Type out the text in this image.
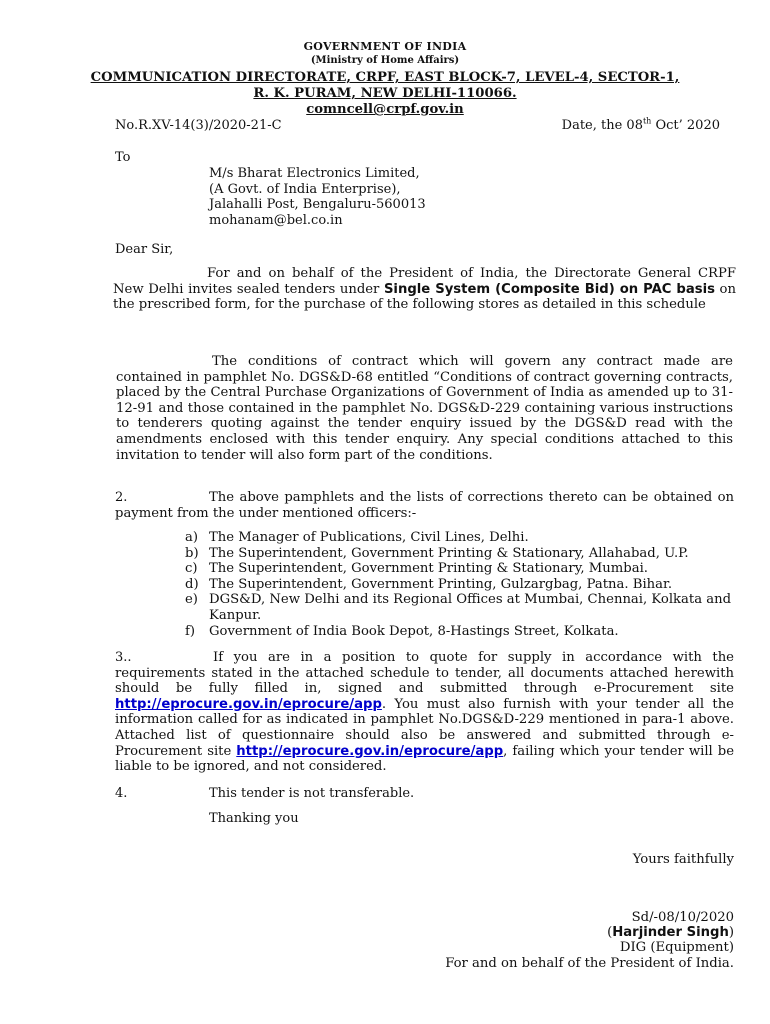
GOVERNMENT OF INDIA
(Ministry of Home Affairs)
COMMUNICATION DIRECTORATE, CRPF, EAST BLOCK-7, LEVEL-4, SECTOR-1,
R. K. PURAM, NEW DELHI-110066.
comncell@crpf.gov.in
No.R.XV-14(3)/2020-21-C	Date, the 08th Oct’ 2020
To
M/s Bharat Electronics Limited,
(A Govt. of India Enterprise),
Jalahalli Post, Bengaluru-560013
mohanam@bel.co.in
Dear Sir,
For and on behalf of the President of India, the Directorate General CRPF New Delhi invites sealed tenders under Single System (Composite Bid) on PAC basis on the prescribed form, for the purchase of the following stores as detailed in this schedule
The conditions of contract which will govern any contract made are contained in pamphlet No. DGS&D-68 entitled “Conditions of contract governing contracts, placed by the Central Purchase Organizations of Government of India as amended up to 31-12-91 and those contained in the pamphlet No. DGS&D-229 containing various instructions to tenderers quoting against the tender enquiry issued by the DGS&D read with the amendments enclosed with this tender enquiry. Any special conditions attached to this invitation to tender will also form part of the conditions.
2.	The above pamphlets and the lists of corrections thereto can be obtained on payment from the under mentioned officers:-
a) The Manager of Publications, Civil Lines, Delhi.
b) The Superintendent, Government Printing & Stationary, Allahabad, U.P.
c) The Superintendent, Government Printing & Stationary, Mumbai.
d) The Superintendent, Government Printing, Gulzargbag, Patna. Bihar.
e) DGS&D, New Delhi and its Regional Offices at Mumbai, Chennai, Kolkata and Kanpur.
f) Government of India Book Depot, 8-Hastings Street, Kolkata.
3..	If you are in a position to quote for supply in accordance with the requirements stated in the attached schedule to tender, all documents attached herewith should be fully filled in, signed and submitted through e-Procurement site http://eprocure.gov.in/eprocure/app. You must also furnish with your tender all the information called for as indicated in pamphlet No.DGS&D-229 mentioned in para-1 above. Attached list of questionnaire should also be answered and submitted through e-Procurement site http://eprocure.gov.in/eprocure/app, failing which your tender will be liable to be ignored, and not considered.
4.	This tender is not transferable.
Thanking you
Yours faithfully
Sd/-08/10/2020
(Harjinder Singh)
DIG (Equipment)
For and on behalf of the President of India.
